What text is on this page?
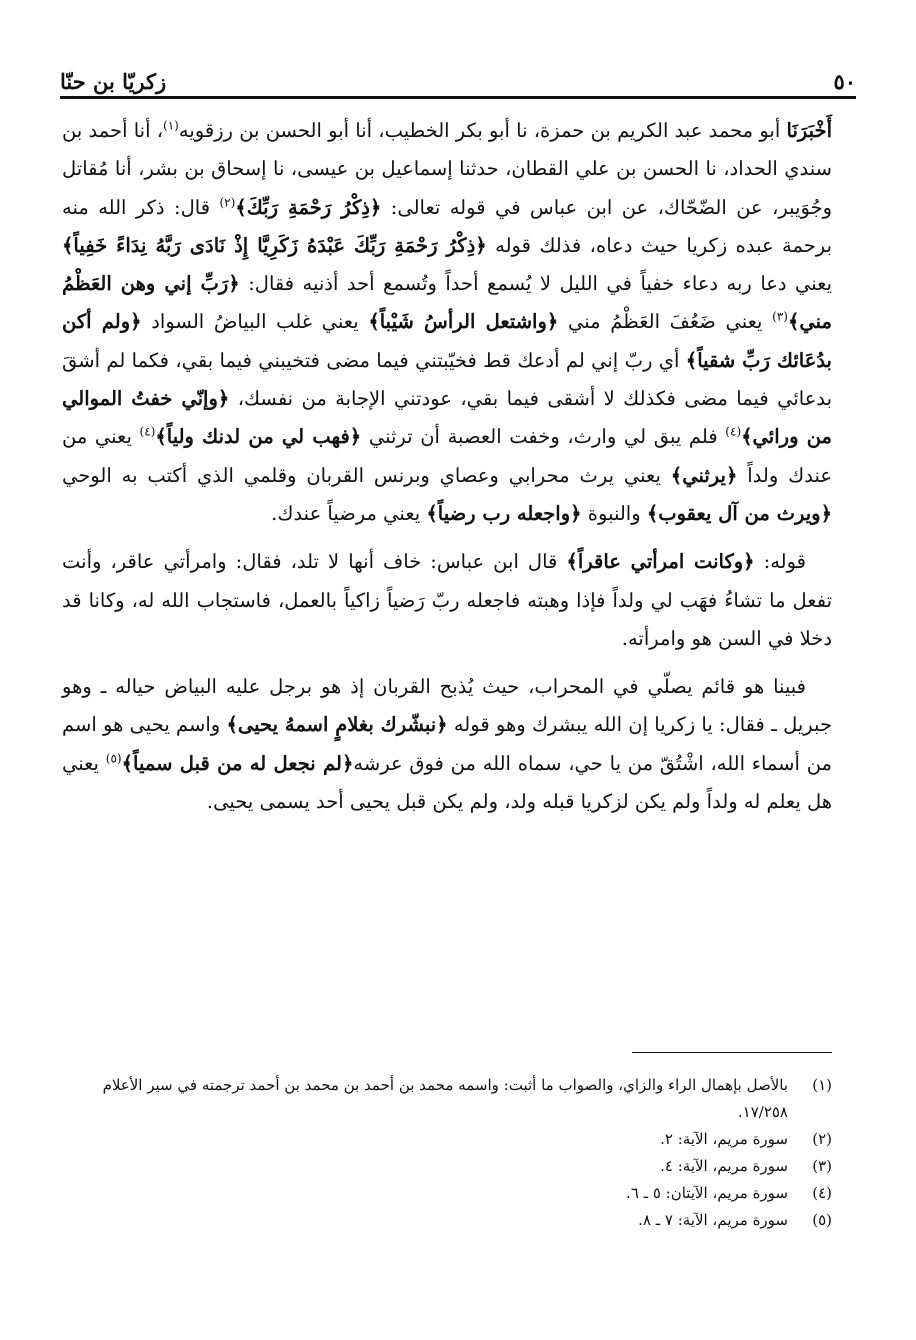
٥٠
زكريّا بن حنّا

أَخْبَرَنَا أبو محمد عبد الكريم بن حمزة، نا أبو بكر الخطيب، أنا أبو الحسن بن رزقويه$^{(١)}$، أنا أحمد بن سندي الحداد، نا الحسن بن علي القطان، حدثنا إسماعيل بن عيسى، نا إسحاق بن بشر، أنا مُقاتل وجُوَيبر، عن الضّحّاك، عن ابن عباس في قوله تعالى: ﴿ذِكْرُ رَحْمَةِ رَبِّكَ﴾$^{(٢)}$ قال: ذكر الله منه برحمة عبده زكريا حيث دعاه، فذلك قوله ﴿ذِكْرُ رَحْمَةِ رَبِّكَ عَبْدَهُ زَكَرِيَّا إِذْ نَادَى رَبَّهُ نِدَاءً خَفِياً﴾ يعني دعا ربه دعاء خفياً في الليل لا يُسمع أحداً وتُسمع أحد أذنيه فقال: ﴿رَبِّ إني وهن العَظْمُ مني﴾$^{(٣)}$ يعني ضَعُفَ العَظْمُ مني ﴿واشتعل الرأسُ شَيْباً﴾ يعني غلب البياضُ السواد ﴿ولم أكن بدُعَائك رَبِّ شقياً﴾ أي ربّ إني لم أدعك قط فخيّبتني فيما مضى فتخيبني فيما بقي، فكما لم أشقَ بدعائي فيما مضى فكذلك لا أشقى فيما بقي، عودتني الإجابة من نفسك، ﴿وإنّي خفتُ الموالي من ورائي﴾$^{(٤)}$ فلم يبق لي وارث، وخفت العصبة أن ترثني ﴿فهب لي من لدنك ولياً﴾$^{(٤)}$ يعني من عندك ولداً ﴿يرثني﴾ يعني يرث محرابي وعصاي وبرنس القربان وقلمي الذي أكتب به الوحي ﴿ويرث من آل يعقوب﴾ والنبوة ﴿واجعله رب رضياً﴾ يعني مرضياً عندك.

قوله: ﴿وكانت امرأتي عاقراً﴾ قال ابن عباس: خاف أنها لا تلد، فقال: وامرأتي عاقر، وأنت تفعل ما تشاءُ فهَب لي ولداً فإذا وهبته فاجعله ربّ رَضياً زاكياً بالعمل، فاستجاب الله له، وكانا قد دخلا في السن هو وامرأته.

فبينا هو قائم يصلّي في المحراب، حيث يُذبح القربان إذ هو برجل عليه البياض حياله ـ وهو جبريل ـ فقال: يا زكريا إن الله يبشرك وهو قوله ﴿نبشّرك بغلامٍ اسمهُ يحيى﴾ واسم يحيى هو اسم من أسماء الله، اشْتُقّ من يا حي، سماه الله من فوق عرشه﴿لم نجعل له من قبل سمياً﴾$^{(٥)}$ يعني هل يعلم له ولداً ولم يكن لزكريا قبله ولد، ولم يكن قبل يحيى أحد يسمى يحيى.

(١)
بالأصل بإهمال الراء والزاي، والصواب ما أثبت: واسمه محمد بن أحمد بن محمد بن أحمد ترجمته في سير الأعلام ١٧/٢٥٨.
(٢)
سورة مريم، الآية: ٢.
(٣)
سورة مريم، الآية: ٤.
(٤)
سورة مريم، الآيتان: ٥ ـ ٦.
(٥)
سورة مريم، الآية: ٧ ـ ٨.
